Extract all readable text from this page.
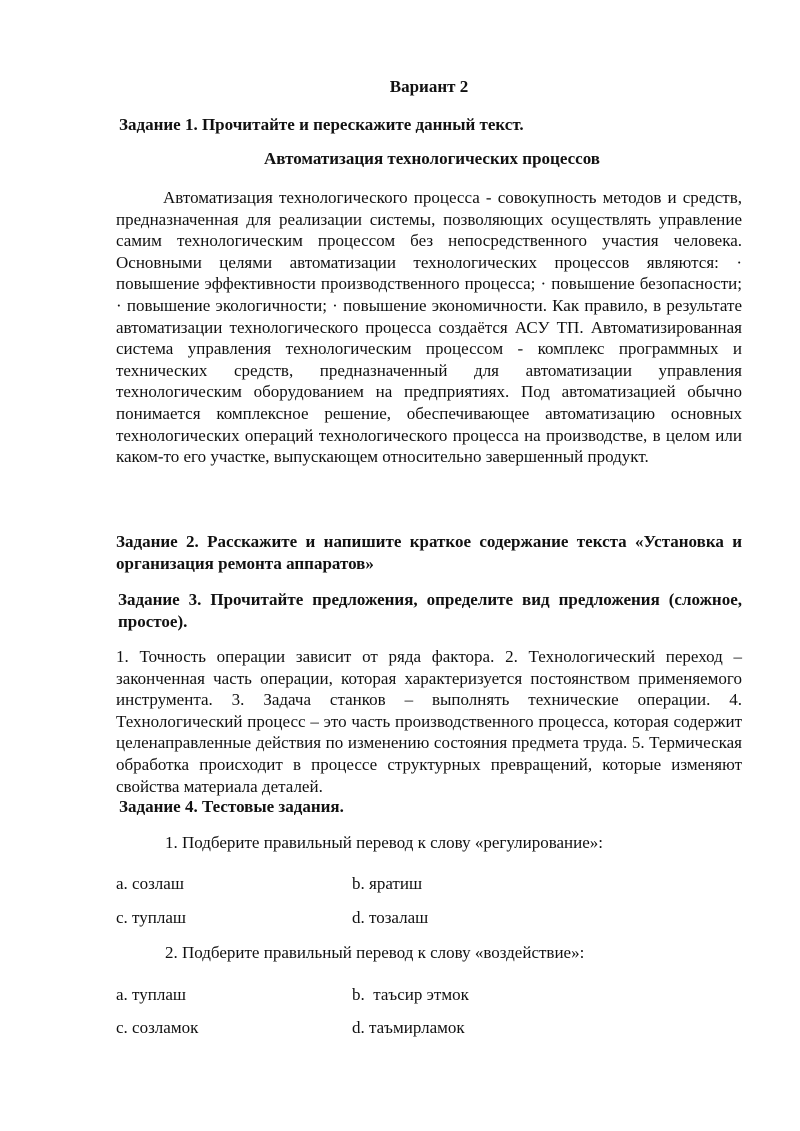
Вариант 2

Задание 1. Прочитайте и перескажите данный текст.

Автоматизация технологических процессов

Автоматизация технологического процесса - совокупность методов и средств, предназначенная для реализации системы, позволяющих осуществлять управление самим технологическим процессом без непосредственного участия человека. Основными целями автоматизации технологических процессов являются: · повышение эффективности производственного процесса; · повышение безопасности; · повышение экологичности; · повышение экономичности. Как правило, в результате автоматизации технологического процесса создаётся АСУ ТП. Автоматизированная система управления технологическим процессом - комплекс программных и технических средств, предназначенный для автоматизации управления технологическим оборудованием на предприятиях. Под автоматизацией обычно понимается комплексное решение, обеспечивающее автоматизацию основных технологических операций технологического процесса на производстве, в целом или каком-то его участке, выпускающем относительно завершенный продукт.

Задание 2. Расскажите и напишите краткое содержание текста «Установка и организация ремонта аппаратов»

Задание 3. Прочитайте предложения, определите вид предложения (сложное, простое).

1. Точность операции зависит от ряда фактора. 2. Технологический переход – законченная часть операции, которая характеризуется постоянством применяемого инструмента. 3. Задача станков – выполнять технические операции. 4. Технологический процесс – это часть производственного процесса, которая содержит целенаправленные действия по изменению состояния предмета труда. 5. Термическая обработка происходит в процессе структурных превращений, которые изменяют свойства материала деталей.

Задание 4. Тестовые задания.

1. Подберите правильный перевод к слову «регулирование»:

a. созлаш	b. яратиш

c. туплаш	d. тозалаш

2. Подберите правильный перевод к слову «воздействие»:

a. туплаш	b.  таъсир этмок

c. созламок	d. таъмирламок
